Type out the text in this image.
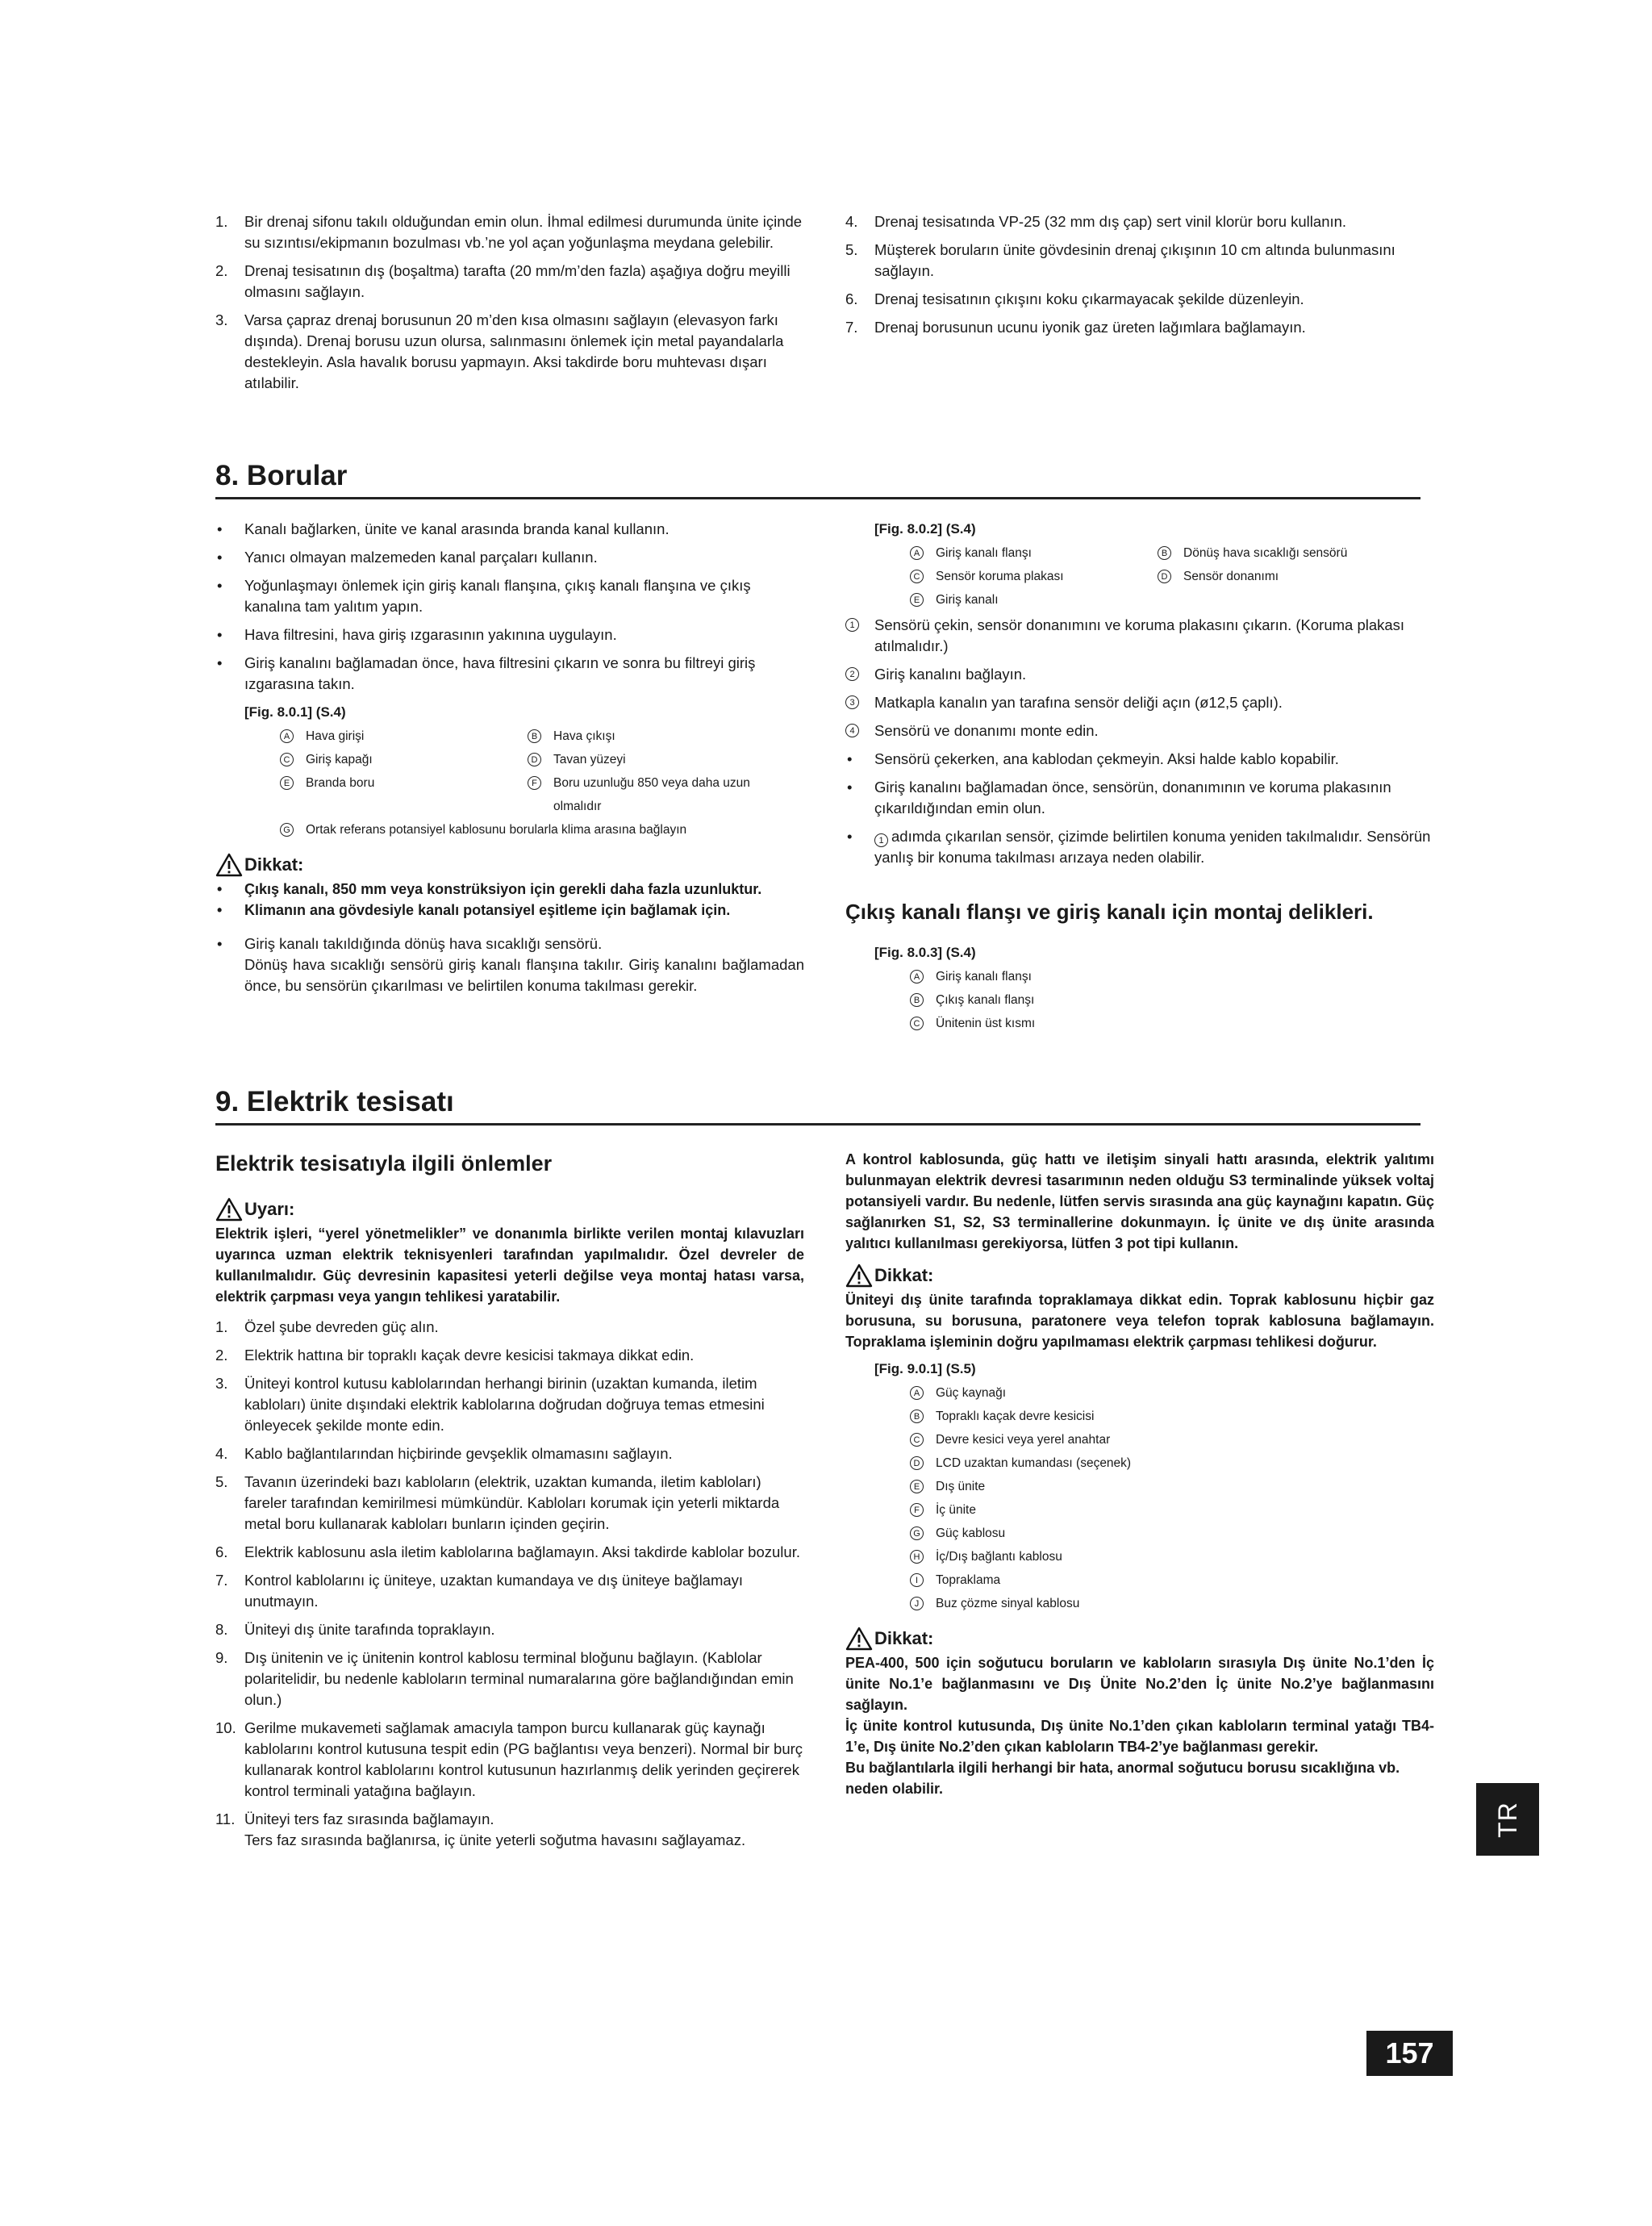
1. Bir drenaj sifonu takılı olduğundan emin olun. İhmal edilmesi durumunda ünite içinde su sızıntısı/ekipmanın bozulması vb.’ne yol açan yoğunlaşma meydana gelebilir.
2. Drenaj tesisatının dış (boşaltma) tarafta (20 mm/m’den fazla) aşağıya doğru meyilli olmasını sağlayın.
3. Varsa çapraz drenaj borusunun 20 m’den kısa olmasını sağlayın (elevasyon farkı dışında). Drenaj borusu uzun olursa, salınmasını önlemek için metal payandalarla destekleyin. Asla havalık borusu yapmayın. Aksi takdirde boru muhtevası dışarı atılabilir.
4. Drenaj tesisatında VP-25 (32 mm dış çap) sert vinil klorür boru kullanın.
5. Müşterek boruların ünite gövdesinin drenaj çıkışının 10 cm altında bulunmasını sağlayın.
6. Drenaj tesisatının çıkışını koku çıkarmayacak şekilde düzenleyin.
7. Drenaj borusunun ucunu iyonik gaz üreten lağımlara bağlamayın.
8. Borular
• Kanalı bağlarken, ünite ve kanal arasında branda kanal kullanın.
• Yanıcı olmayan malzemeden kanal parçaları kullanın.
• Yoğunlaşmayı önlemek için giriş kanalı flanşına, çıkış kanalı flanşına ve çıkış kanalına tam yalıtım yapın.
• Hava filtresini, hava giriş ızgarasının yakınına uygulayın.
• Giriş kanalını bağlamadan önce, hava filtresini çıkarın ve sonra bu filtreyi giriş ızgarasına takın.
[Fig. 8.0.1] (S.4)
A	Hava girişi	B	Hava çıkışı
C Giriş kapağı	D Tavan yüzeyi
E	Branda boru	F	Boru uzunluğu 850 veya daha uzun olmalıdır
G Ortak referans potansiyel kablosunu borularla klima arasına bağlayın
Dikkat:
• Çıkış kanalı, 850 mm veya konstrüksiyon için gerekli daha fazla uzunluktur.
• Klimanın ana gövdesiyle kanalı potansiyel eşitleme için bağlamak için.
• Giriş kanalı takıldığında dönüş hava sıcaklığı sensörü.

Dönüş hava sıcaklığı sensörü giriş kanalı flanşına takılır. Giriş kanalını bağlamadan önce, bu sensörün çıkarılması ve belirtilen konuma takılması gerekir.

[Fig. 8.0.2] (S.4)
A	Giriş kanalı flanşı	B	Dönüş hava sıcaklığı sensörü
C Sensör koruma plakası	D Sensör donanımı
E	Giriş kanalı
1 Sensörü çekin, sensör donanımını ve koruma plakasını çıkarın. (Koruma plakası atılmalıdır.)
2 Giriş kanalını bağlayın.
3 Matkapla kanalın yan tarafına sensör deliği açın (ø12,5 çaplı).
4 Sensörü ve donanımı monte edin.
• Sensörü çekerken, ana kablodan çekmeyin. Aksi halde kablo kopabilir.
• Giriş kanalını bağlamadan önce, sensörün, donanımının ve koruma plakasının çıkarıldığından emin olun.
• 1 adımda çıkarılan sensör, çizimde belirtilen konuma yeniden takılmalıdır. Sensörün yanlış bir konuma takılması arızaya neden olabilir.
Çıkış kanalı flanşı ve giriş kanalı için montaj delikleri.
[Fig. 8.0.3] (S.4)
A	Giriş kanalı flanşı
B	Çıkış kanalı flanşı
C Ünitenin üst kısmı
9. Elektrik tesisatı
Elektrik tesisatıyla ilgili önlemler
Uyarı:

Elektrik işleri, “yerel yönetmelikler” ve donanımla birlikte verilen montaj kılavuzları uyarınca uzman elektrik teknisyenleri tarafından yapılmalıdır. Özel devreler de kullanılmalıdır. Güç devresinin kapasitesi yeterli değilse veya montaj hatası varsa, elektrik çarpması veya yangın tehlikesi yaratabilir.

1. Özel şube devreden güç alın.
2. Elektrik hattına bir topraklı kaçak devre kesicisi takmaya dikkat edin.
3. Üniteyi kontrol kutusu kablolarından herhangi birinin (uzaktan kumanda, iletim kabloları) ünite dışındaki elektrik kablolarına doğrudan doğruya temas etmesini önleyecek şekilde monte edin.
4. Kablo bağlantılarından hiçbirinde gevşeklik olmamasını sağlayın.
5. Tavanın üzerindeki bazı kabloların (elektrik, uzaktan kumanda, iletim kabloları) fareler tarafından kemirilmesi mümkündür. Kabloları korumak için yeterli miktarda metal boru kullanarak kabloları bunların içinden geçirin.
6. Elektrik kablosunu asla iletim kablolarına bağlamayın. Aksi takdirde kablolar bozulur.
7. Kontrol kablolarını iç üniteye, uzaktan kumandaya ve dış üniteye bağlamayı unutmayın.
8. Üniteyi dış ünite tarafında topraklayın.
9. Dış ünitenin ve iç ünitenin kontrol kablosu terminal bloğunu bağlayın. (Kablolar polaritelidir, bu nedenle kabloların terminal numaralarına göre bağlandığından emin olun.)
10. Gerilme mukavemeti sağlamak amacıyla tampon burcu kullanarak güç kaynağı kablolarını kontrol kutusuna tespit edin (PG bağlantısı veya benzeri). Normal bir burç kullanarak kontrol kablolarını kontrol kutusunun hazırlanmış delik yerinden geçirerek kontrol terminali yatağına bağlayın.
11. Üniteyi ters faz sırasında bağlamayın.
Ters faz sırasında bağlanırsa, iç ünite yeterli soğutma havasını sağlayamaz.

A kontrol kablosunda, güç hattı ve iletişim sinyali hattı arasında, elektrik yalıtımı bulunmayan elektrik devresi tasarımının neden olduğu S3 terminalinde yüksek voltaj potansiyeli vardır. Bu nedenle, lütfen servis sırasında ana güç kaynağını kapatın. Güç sağlanırken S1, S2, S3 terminallerine dokunmayın. İç ünite ve dış ünite arasında yalıtıcı kullanılması gerekiyorsa, lütfen 3 pot tipi kullanın.

Dikkat:

Üniteyi dış ünite tarafında topraklamaya dikkat edin. Toprak kablosunu hiçbir gaz borusuna, su borusuna, paratonere veya telefon toprak kablosuna bağlamayın. Topraklama işleminin doğru yapılmaması elektrik çarpması tehlikesi doğurur.

[Fig. 9.0.1] (S.5)
A	Güç kaynağı
B	Topraklı kaçak devre kesicisi
C Devre kesici veya yerel anahtar
D LCD uzaktan kumandası (seçenek)
E	Dış ünite
F	İç ünite
G Güç kablosu
H İç/Dış bağlantı kablosu
I	Topraklama
J	Buz çözme sinyal kablosu
Dikkat:

PEA-400, 500 için soğutucu boruların ve kabloların sırasıyla Dış ünite No.1’den İç ünite No.1’e bağlanmasını ve Dış Ünite No.2’den İç ünite No.2’ye bağlanmasını sağlayın.

İç ünite kontrol kutusunda, Dış ünite No.1’den çıkan kabloların terminal yatağı TB4-1’e, Dış ünite No.2’den çıkan kabloların TB4-2’ye bağlanması gerekir.

Bu bağlantılarla ilgili herhangi bir hata, anormal soğutucu borusu sıcaklığına vb. neden olabilir.

TR
157
